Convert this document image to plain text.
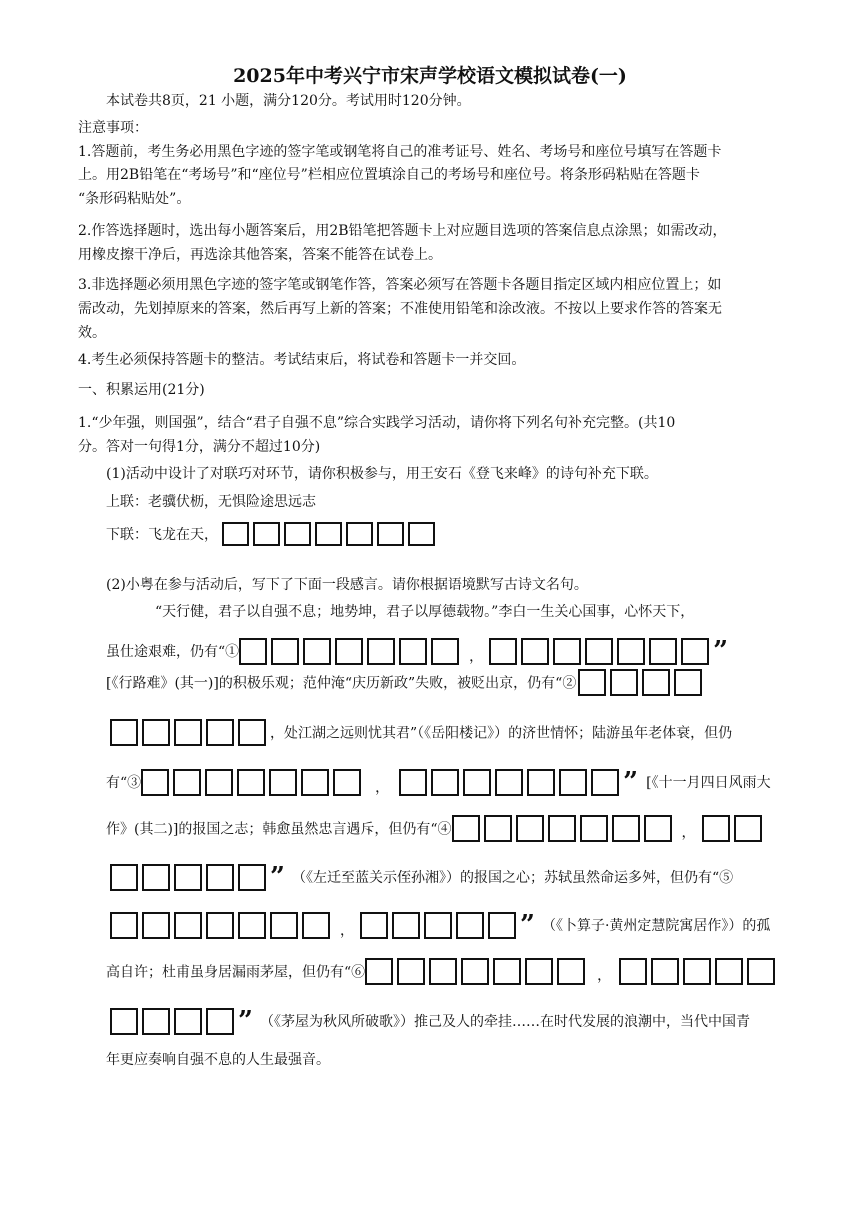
2025年中考兴宁市宋声学校语文模拟试卷(一)
本试卷共8页，21 小题，满分120分。考试用时120分钟。
注意事项：
1.答题前，考生务必用黑色字迹的签字笔或钢笔将自己的准考证号、姓名、考场号和座位号填写在答题卡
上。用2B铅笔在“考场号”和“座位号”栏相应位置填涂自己的考场号和座位号。将条形码粘贴在答题卡
“条形码粘贴处”。
2.作答选择题时，选出每小题答案后，用2B铅笔把答题卡上对应题目选项的答案信息点涂黑；如需改动，
用橡皮擦干净后，再选涂其他答案，答案不能答在试卷上。
3.非选择题必须用黑色字迹的签字笔或钢笔作答，答案必须写在答题卡各题目指定区域内相应位置上；如
需改动，先划掉原来的答案，然后再写上新的答案；不准使用铅笔和涂改液。不按以上要求作答的答案无
效。
4.考生必须保持答题卡的整洁。考试结束后，将试卷和答题卡一并交回。
一、积累运用(21分)
1.“少年强，则国强”，结合“君子自强不息”综合实践学习活动，请你将下列名句补充完整。(共10
分。答对一句得1分，满分不超过10分)
(1)活动中设计了对联巧对环节，请你积极参与，用王安石《登飞来峰》的诗句补充下联。
上联：老骥伏枥，无惧险途思远志
下联：飞龙在天，
(2)小粤在参与活动后，写下了下面一段感言。请你根据语境默写古诗文名句。
“天行健，君子以自强不息；地势坤，君子以厚德载物。”李白一生关心国事，心怀天下，
虽仕途艰难，仍有“①	，	”
[《行路难》(其一)]的积极乐观；范仲淹“庆历新政”失败，被贬出京，仍有“②
，处江湖之远则忧其君”（《岳阳楼记》）的济世情怀；陆游虽年老体衰，但仍
有“③	，	” [《十一月四日风雨大
作》(其二)]的报国之志；韩愈虽然忠言遇斥，但仍有“④	，
” （《左迁至蓝关示侄孙湘》）的报国之心；苏轼虽然命运多舛，但仍有“⑤
，	” （《卜算子·黄州定慧院寓居作》）的孤
高自许；杜甫虽身居漏雨茅屋，但仍有“⑥	，
” （《茅屋为秋风所破歌》）推己及人的牵挂……在时代发展的浪潮中，当代中国青
年更应奏响自强不息的人生最强音。
